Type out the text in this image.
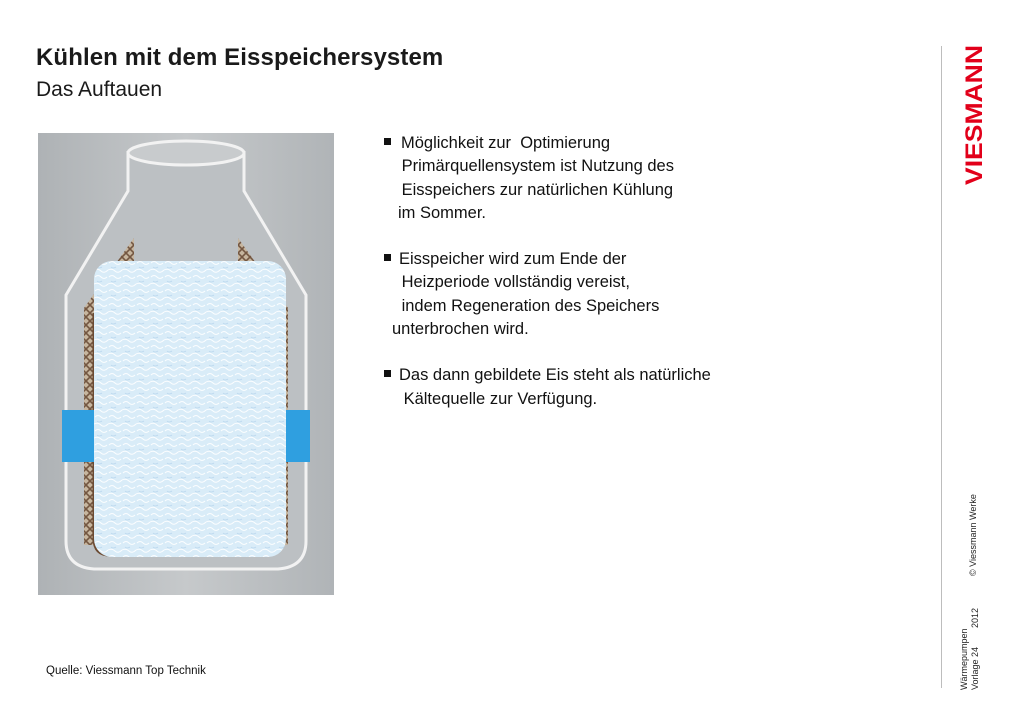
Kühlen mit dem Eisspeichersystem
Das Auftauen
Möglichkeit zur  Optimierung
Primärquellensystem ist Nutzung des
Eisspeichers zur natürlichen Kühlung
im Sommer.
Eisspeicher wird zum Ende der
Heizperiode vollständig vereist,
indem Regeneration des Speichers
unterbrochen wird.
Das dann gebildete Eis steht als natürliche
Kältequelle zur Verfügung.
Quelle: Viessmann Top Technik
VIESMANN
© Viessmann Werke
Wärmepumpen Vorlage 24
2012
